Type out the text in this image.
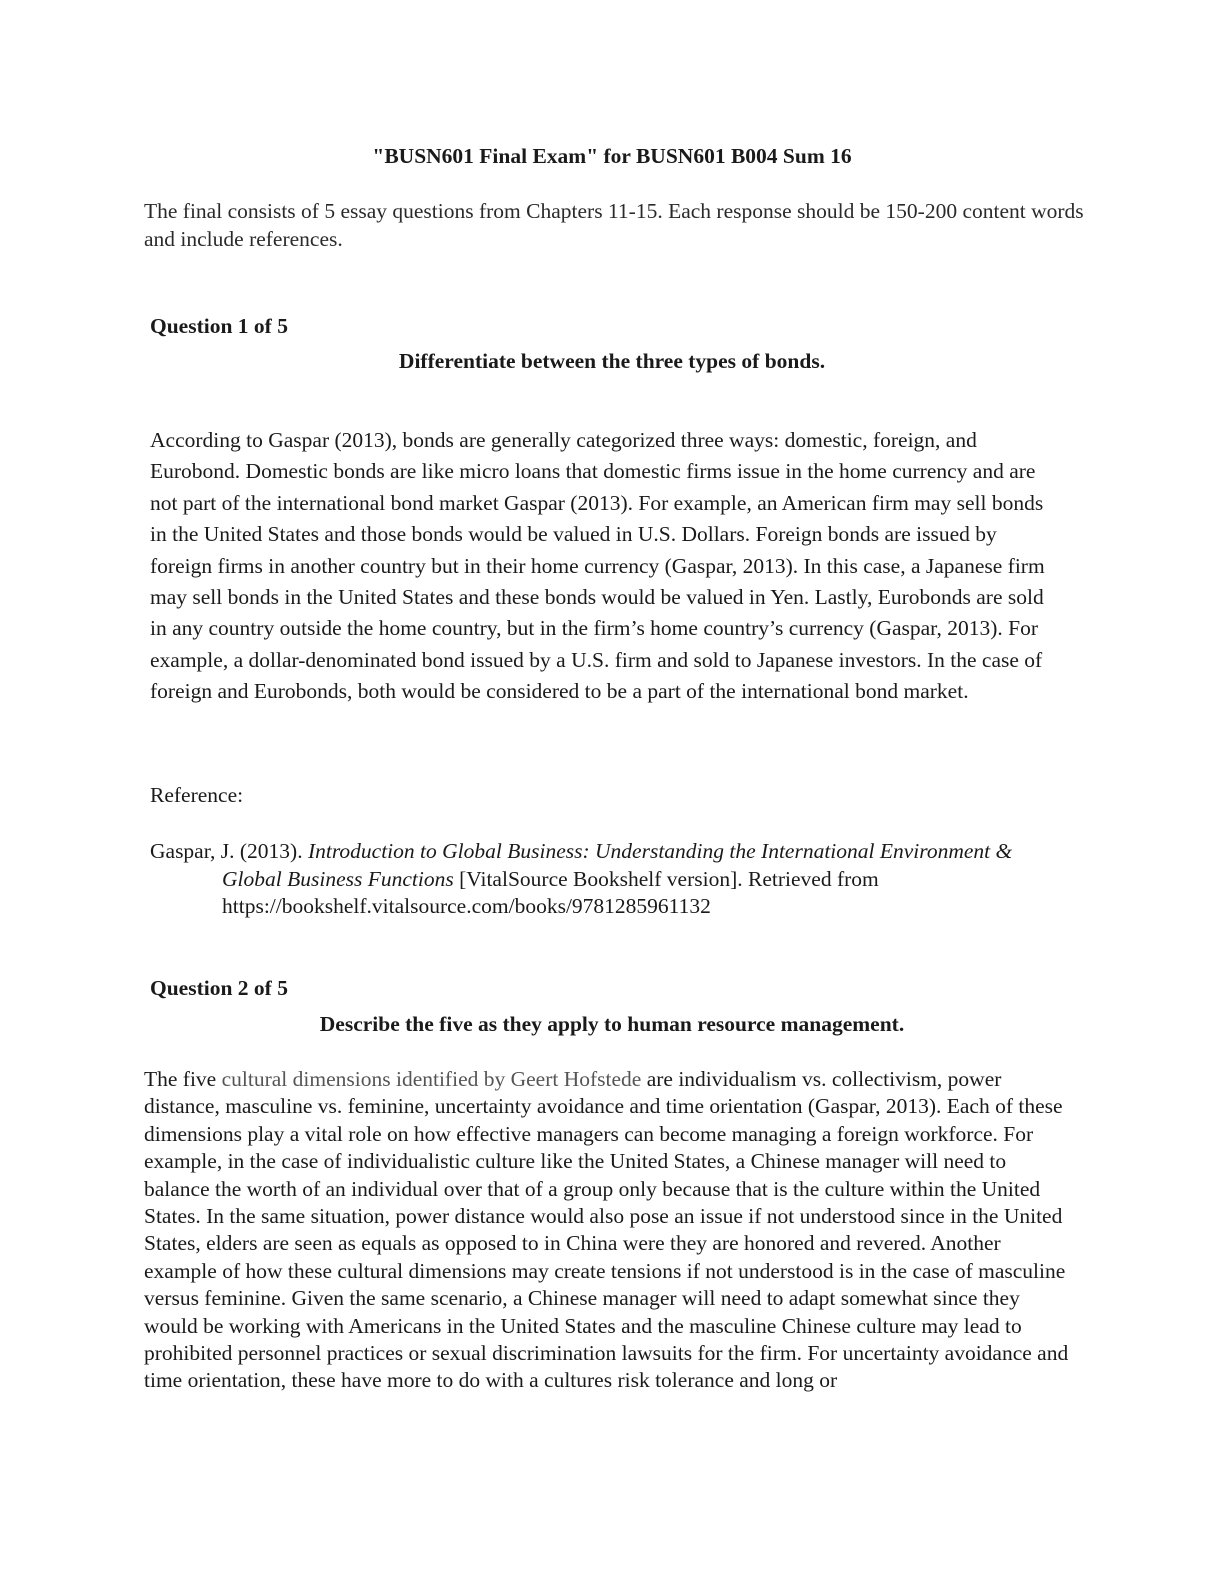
"BUSN601 Final Exam" for BUSN601 B004 Sum 16
The final consists of 5 essay questions from Chapters 11-15. Each response should be 150-200 content words and include references.
Question 1 of 5
Differentiate between the three types of bonds.
According to Gaspar (2013), bonds are generally categorized three ways: domestic, foreign, and Eurobond. Domestic bonds are like micro loans that domestic firms issue in the home currency and are not part of the international bond market Gaspar (2013). For example, an American firm may sell bonds in the United States and those bonds would be valued in U.S. Dollars. Foreign bonds are issued by foreign firms in another country but in their home currency (Gaspar, 2013). In this case, a Japanese firm may sell bonds in the United States and these bonds would be valued in Yen. Lastly, Eurobonds are sold in any country outside the home country, but in the firm’s home country’s currency (Gaspar, 2013). For example, a dollar-denominated bond issued by a U.S. firm and sold to Japanese investors. In the case of foreign and Eurobonds, both would be considered to be a part of the international bond market.
Reference:
Gaspar, J. (2013). Introduction to Global Business: Understanding the International Environment & Global Business Functions [VitalSource Bookshelf version]. Retrieved from https://bookshelf.vitalsource.com/books/9781285961132
Question 2 of 5
Describe the five as they apply to human resource management.
The five cultural dimensions identified by Geert Hofstede are individualism vs. collectivism, power distance, masculine vs. feminine, uncertainty avoidance and time orientation (Gaspar, 2013). Each of these dimensions play a vital role on how effective managers can become managing a foreign workforce. For example, in the case of individualistic culture like the United States, a Chinese manager will need to balance the worth of an individual over that of a group only because that is the culture within the United States. In the same situation, power distance would also pose an issue if not understood since in the United States, elders are seen as equals as opposed to in China were they are honored and revered. Another example of how these cultural dimensions may create tensions if not understood is in the case of masculine versus feminine. Given the same scenario, a Chinese manager will need to adapt somewhat since they would be working with Americans in the United States and the masculine Chinese culture may lead to prohibited personnel practices or sexual discrimination lawsuits for the firm. For uncertainty avoidance and time orientation, these have more to do with a cultures risk tolerance and long or
